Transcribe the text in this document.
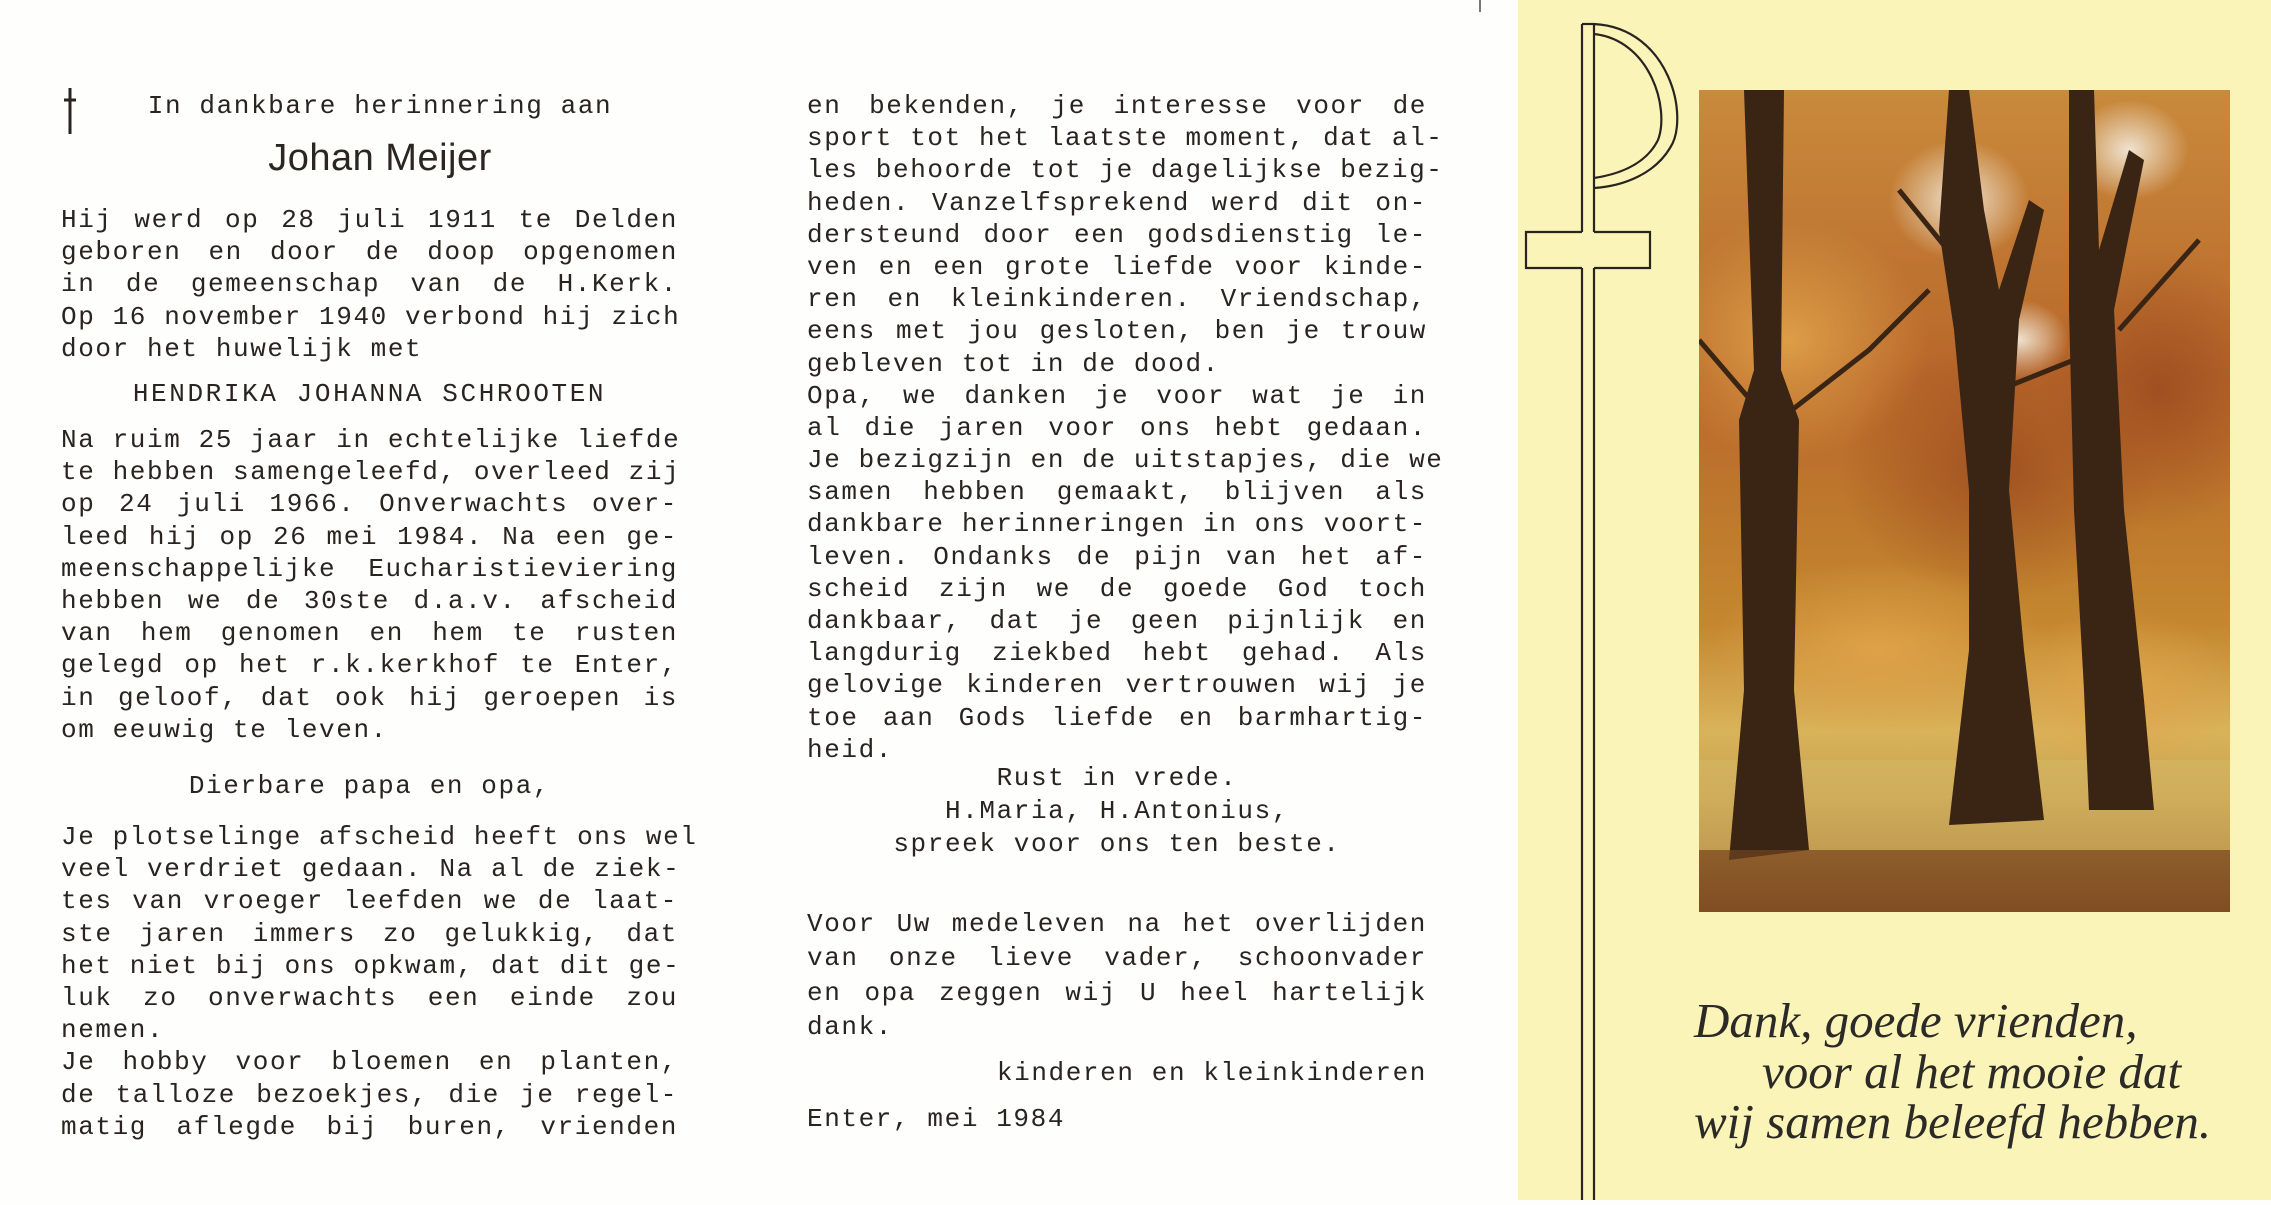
In dankbare herinnering aan
Johan Meijer
Hij werd op 28 juli 1911 te Delden
geboren en door de doop opgenomen
in de gemeenschap van de H.Kerk.
Op 16 november 1940 verbond hij zich
door het huwelijk met
HENDRIKA JOHANNA SCHROOTEN
Na ruim 25 jaar in echtelijke liefde
te hebben samengeleefd, overleed zij
op 24 juli 1966. Onverwachts over-
leed hij op 26 mei 1984. Na een ge-
meenschappelijke Eucharistieviering
hebben we de 30ste d.a.v. afscheid
van hem genomen en hem te rusten
gelegd op het r.k.kerkhof te Enter,
in geloof, dat ook hij geroepen is
om eeuwig te leven.
Dierbare papa en opa,
Je plotselinge afscheid heeft ons wel
veel verdriet gedaan. Na al de ziek-
tes van vroeger leefden we de laat-
ste jaren immers zo gelukkig, dat
het niet bij ons opkwam, dat dit ge-
luk zo onverwachts een einde zou
nemen.
Je hobby voor bloemen en planten,
de talloze bezoekjes, die je regel-
matig aflegde bij buren, vrienden
en bekenden, je interesse voor de
sport tot het laatste moment, dat al-
les behoorde tot je dagelijkse bezig-
heden. Vanzelfsprekend werd dit on-
dersteund door een godsdienstig le-
ven en een grote liefde voor kinde-
ren en kleinkinderen. Vriendschap,
eens met jou gesloten, ben je trouw
gebleven tot in de dood.
Opa, we danken je voor wat je in
al die jaren voor ons hebt gedaan.
Je bezigzijn en de uitstapjes, die we
samen hebben gemaakt, blijven als
dankbare herinneringen in ons voort-
leven. Ondanks de pijn van het af-
scheid zijn we de goede God toch
dankbaar, dat je geen pijnlijk en
langdurig ziekbed hebt gehad. Als
gelovige kinderen vertrouwen wij je
toe aan Gods liefde en barmhartig-
heid.
Rust in vrede.
H.Maria, H.Antonius,
spreek voor ons ten beste.
Voor Uw medeleven na het overlijden
van onze lieve vader, schoonvader
en opa zeggen wij U heel hartelijk
dank.
kinderen en kleinkinderen
Enter, mei 1984
Dank, goede vrienden,
voor al het mooie dat
wij samen beleefd hebben.
